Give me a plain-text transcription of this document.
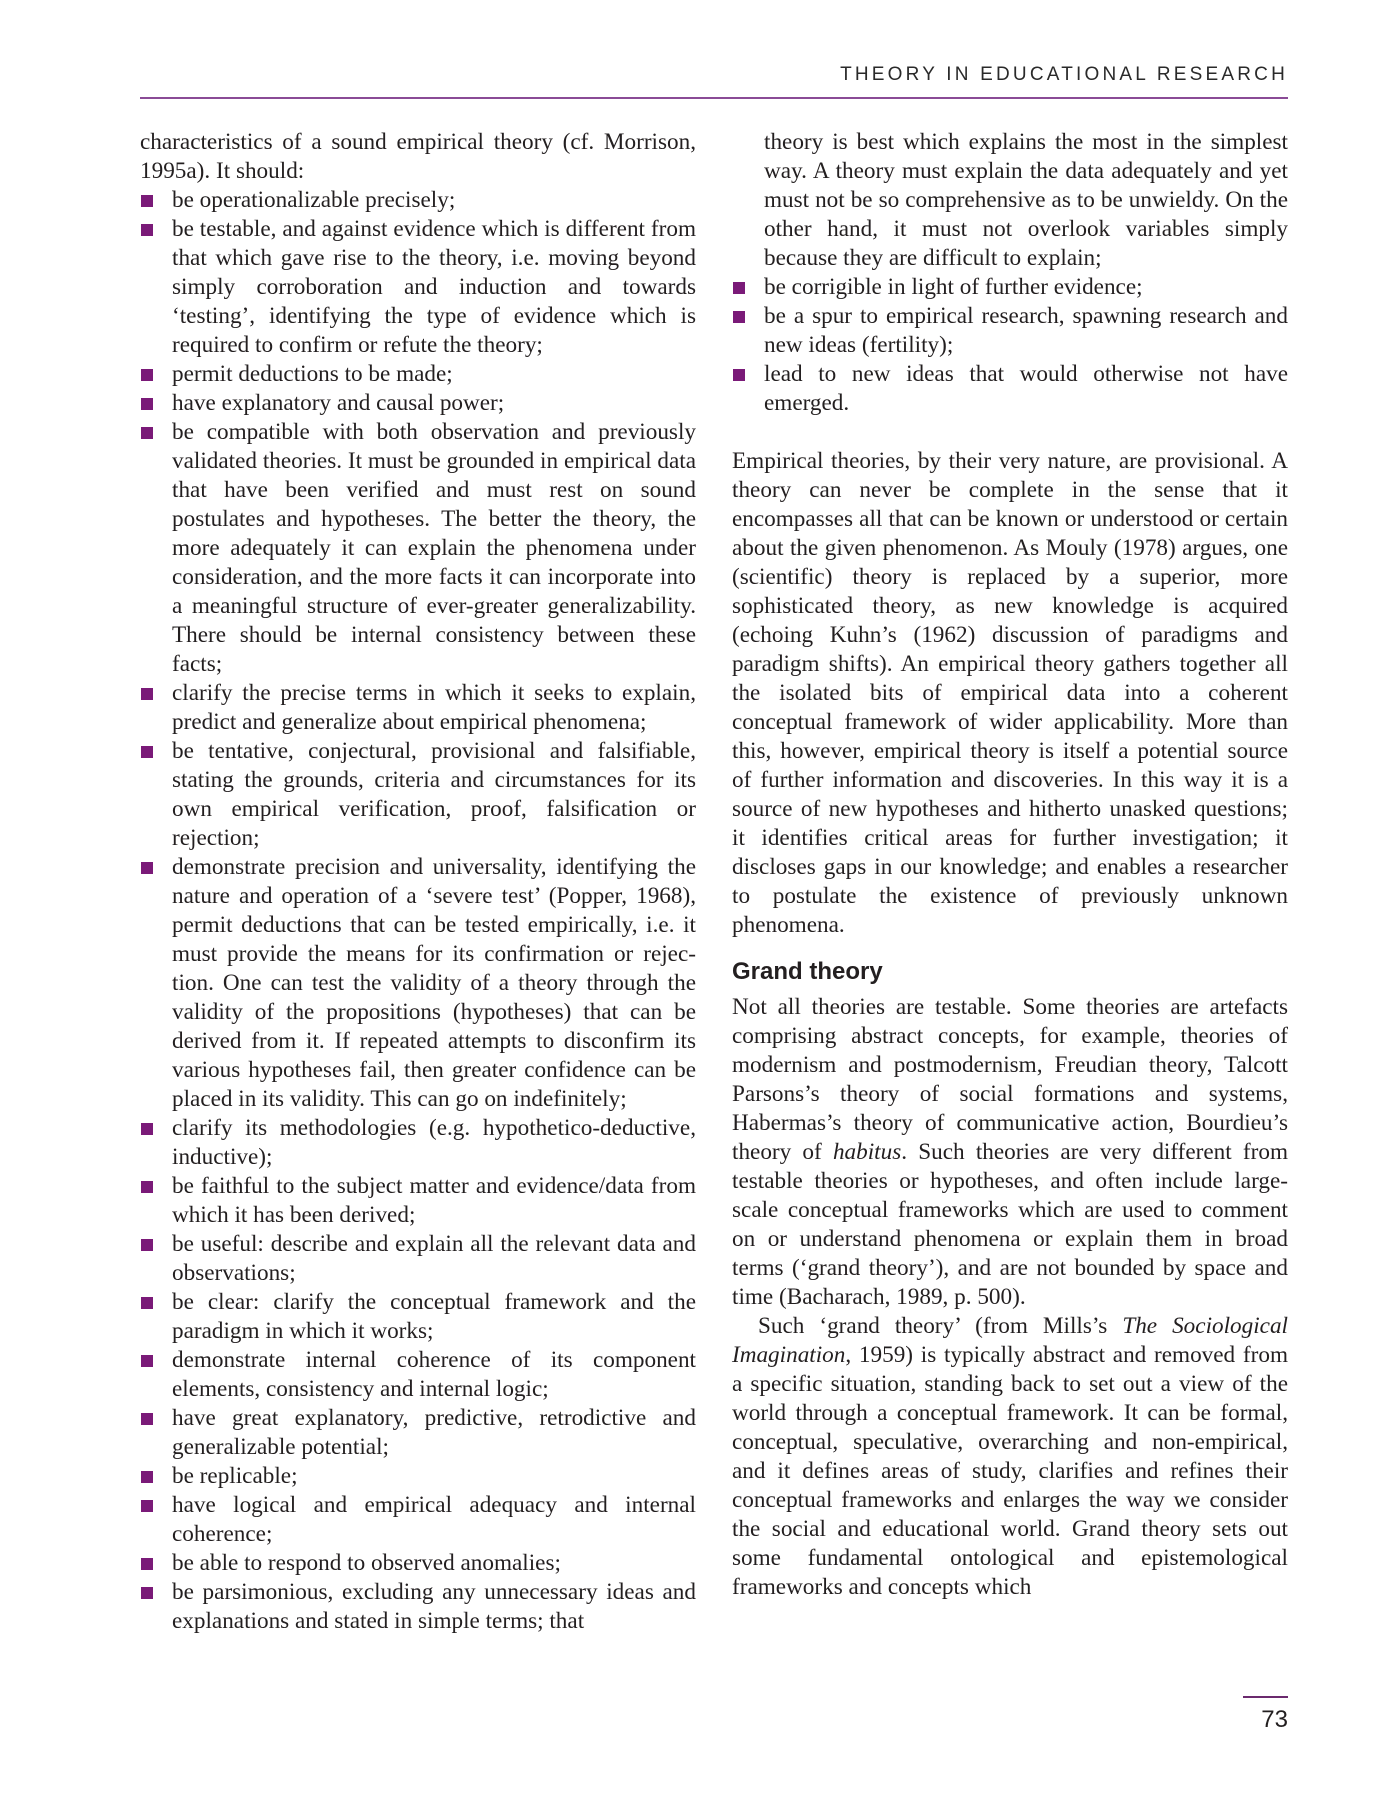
THEORY IN EDUCATIONAL RESEARCH

characteristics of a sound empirical theory (cf. Morrison, 1995a). It should:

be operationalizable precisely;
be testable, and against evidence which is different from that which gave rise to the theory, i.e. moving beyond simply corroboration and induction and towards ‘testing’, identifying the type of evidence which is required to confirm or refute the theory;
permit deductions to be made;
have explanatory and causal power;
be compatible with both observation and previously validated theories. It must be grounded in empirical data that have been verified and must rest on sound postulates and hypotheses. The better the theory, the more adequately it can explain the phenomena under consideration, and the more facts it can incorporate into a meaningful structure of ever-greater generalizability. There should be internal consistency between these facts;
clarify the precise terms in which it seeks to explain, predict and generalize about empirical phenomena;
be tentative, conjectural, provisional and falsifiable, stating the grounds, criteria and circumstances for its own empirical verification, proof, falsification or rejection;
demonstrate precision and universality, identifying the nature and operation of a ‘severe test’ (Popper, 1968), permit deductions that can be tested empirically, i.e. it must provide the means for its confirmation or rejection. One can test the validity of a theory through the validity of the propositions (hypotheses) that can be derived from it. If repeated attempts to disconfirm its various hypotheses fail, then greater confidence can be placed in its validity. This can go on indefinitely;
clarify its methodologies (e.g. hypothetico-deductive, inductive);
be faithful to the subject matter and evidence/data from which it has been derived;
be useful: describe and explain all the relevant data and observations;
be clear: clarify the conceptual framework and the paradigm in which it works;
demonstrate internal coherence of its component elements, consistency and internal logic;
have great explanatory, predictive, retrodictive and generalizable potential;
be replicable;
have logical and empirical adequacy and internal coherence;
be able to respond to observed anomalies;
be parsimonious, excluding any unnecessary ideas and explanations and stated in simple terms; that

theory is best which explains the most in the simplest way. A theory must explain the data adequately and yet must not be so comprehensive as to be unwieldy. On the other hand, it must not overlook variables simply because they are difficult to explain;

be corrigible in light of further evidence;
be a spur to empirical research, spawning research and new ideas (fertility);
lead to new ideas that would otherwise not have emerged.

Empirical theories, by their very nature, are provisional. A theory can never be complete in the sense that it encompasses all that can be known or understood or certain about the given phenomenon. As Mouly (1978) argues, one (scientific) theory is replaced by a superior, more sophisticated theory, as new knowledge is acquired (echoing Kuhn’s (1962) discussion of paradigms and paradigm shifts). An empirical theory gathers together all the isolated bits of empirical data into a coherent conceptual framework of wider applicability. More than this, however, empirical theory is itself a potential source of further information and discoveries. In this way it is a source of new hypotheses and hitherto unasked questions; it identifies critical areas for further investigation; it discloses gaps in our knowledge; and enables a researcher to postulate the existence of previously unknown phenomena.

Grand theory

Not all theories are testable. Some theories are artefacts comprising abstract concepts, for example, theories of modernism and postmodernism, Freudian theory, Talcott Parsons’s theory of social formations and systems, Habermas’s theory of communicative action, Bourdieu’s theory of habitus. Such theories are very different from testable theories or hypotheses, and often include large-scale conceptual frameworks which are used to comment on or understand phenomena or explain them in broad terms (‘grand theory’), and are not bounded by space and time (Bacharach, 1989, p. 500).

Such ‘grand theory’ (from Mills’s The Sociological Imagination, 1959) is typically abstract and removed from a specific situation, standing back to set out a view of the world through a conceptual framework. It can be formal, conceptual, speculative, overarching and non-empirical, and it defines areas of study, clarifies and refines their conceptual frameworks and enlarges the way we consider the social and educational world. Grand theory sets out some fundamental ontological and epistemological frameworks and concepts which

73
